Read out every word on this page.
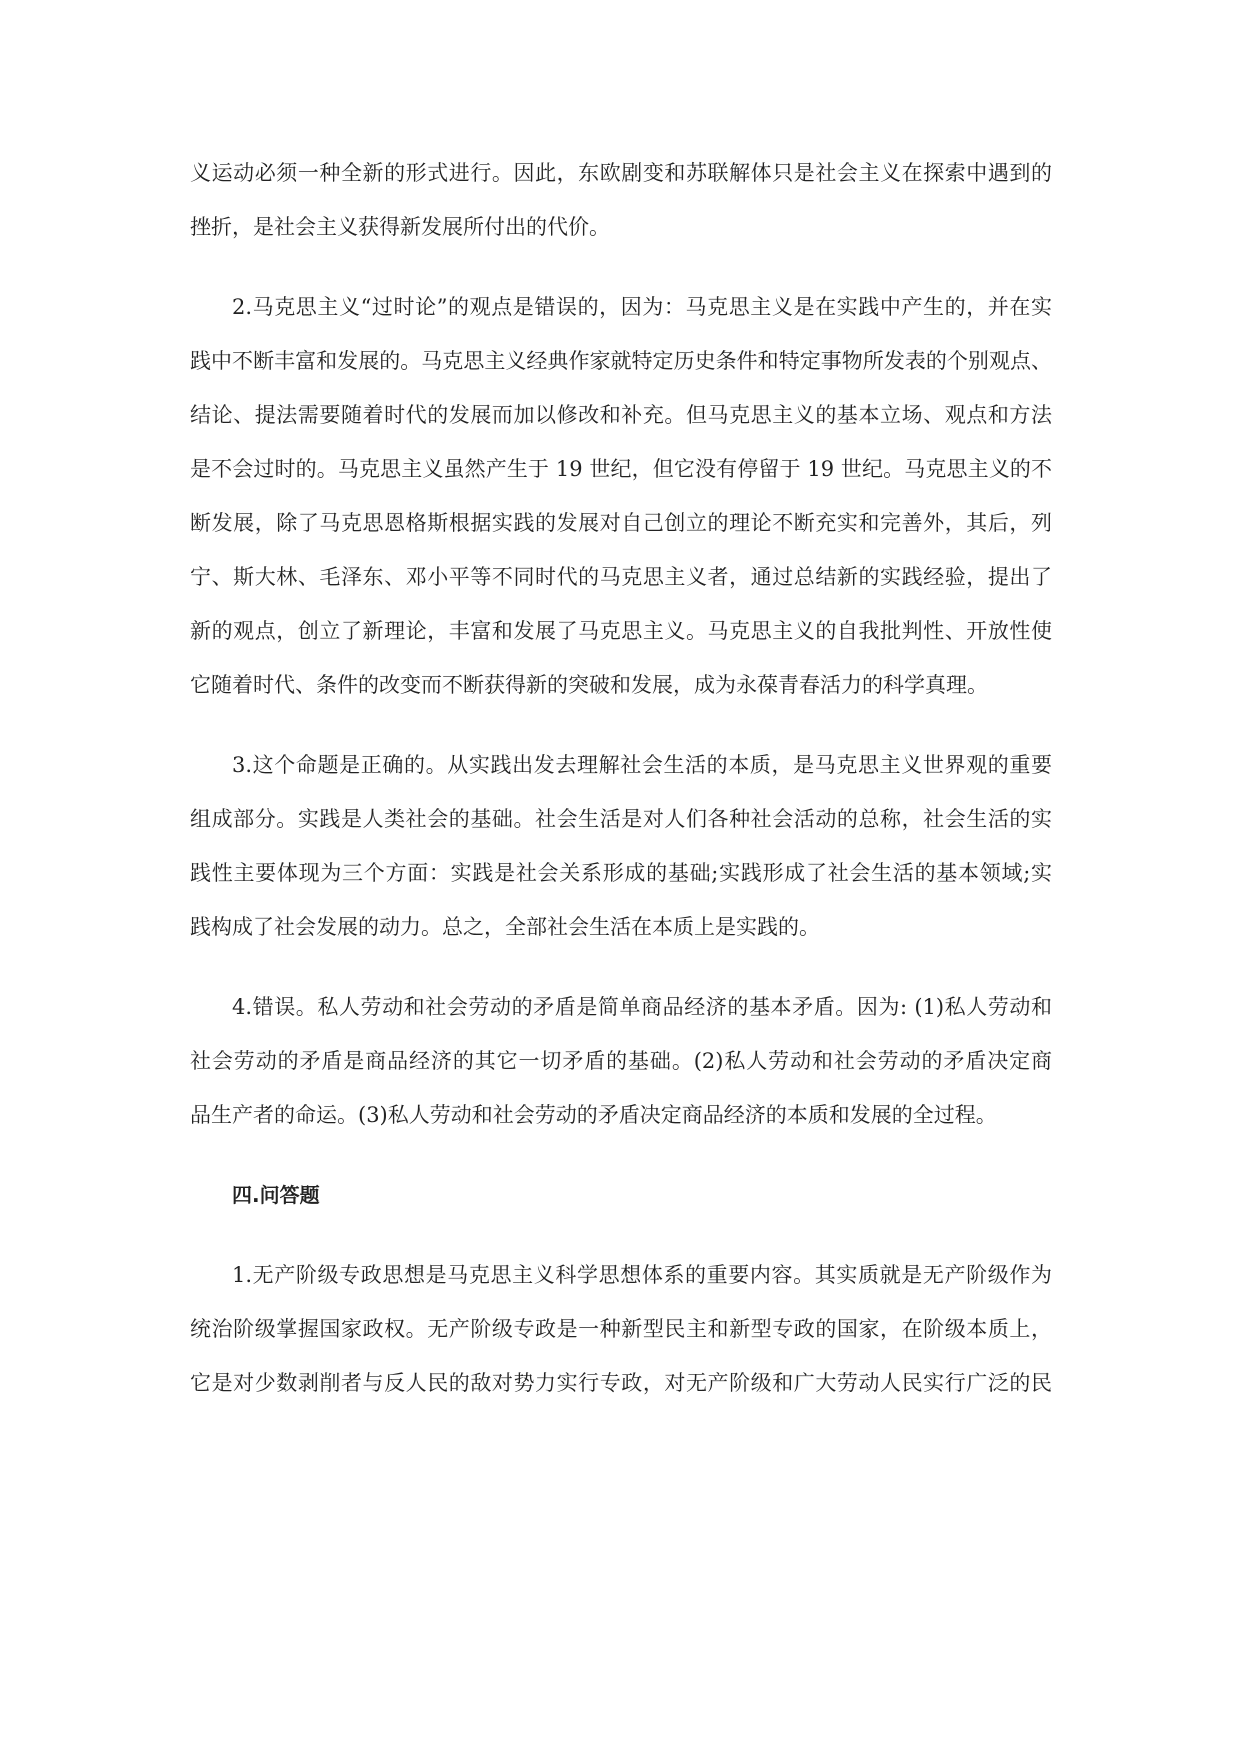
义运动必须一种全新的形式进行。因此，东欧剧变和苏联解体只是社会主义在探索中遇到的
挫折，是社会主义获得新发展所付出的代价。
2.马克思主义“过时论”的观点是错误的，因为：马克思主义是在实践中产生的，并在实
践中不断丰富和发展的。马克思主义经典作家就特定历史条件和特定事物所发表的个别观点、
结论、提法需要随着时代的发展而加以修改和补充。但马克思主义的基本立场、观点和方法
是不会过时的。马克思主义虽然产生于 19 世纪，但它没有停留于 19 世纪。马克思主义的不
断发展，除了马克思恩格斯根据实践的发展对自己创立的理论不断充实和完善外，其后，列
宁、斯大林、毛泽东、邓小平等不同时代的马克思主义者，通过总结新的实践经验，提出了
新的观点，创立了新理论，丰富和发展了马克思主义。马克思主义的自我批判性、开放性使
它随着时代、条件的改变而不断获得新的突破和发展，成为永葆青春活力的科学真理。
3.这个命题是正确的。从实践出发去理解社会生活的本质，是马克思主义世界观的重要
组成部分。实践是人类社会的基础。社会生活是对人们各种社会活动的总称，社会生活的实
践性主要体现为三个方面：实践是社会关系形成的基础;实践形成了社会生活的基本领域;实
践构成了社会发展的动力。总之，全部社会生活在本质上是实践的。
4.错误。私人劳动和社会劳动的矛盾是简单商品经济的基本矛盾。因为: (1)私人劳动和
社会劳动的矛盾是商品经济的其它一切矛盾的基础。(2)私人劳动和社会劳动的矛盾决定商
品生产者的命运。(3)私人劳动和社会劳动的矛盾决定商品经济的本质和发展的全过程。
四.问答题
1.无产阶级专政思想是马克思主义科学思想体系的重要内容。其实质就是无产阶级作为
统治阶级掌握国家政权。无产阶级专政是一种新型民主和新型专政的国家，在阶级本质上，
它是对少数剥削者与反人民的敌对势力实行专政，对无产阶级和广大劳动人民实行广泛的民
